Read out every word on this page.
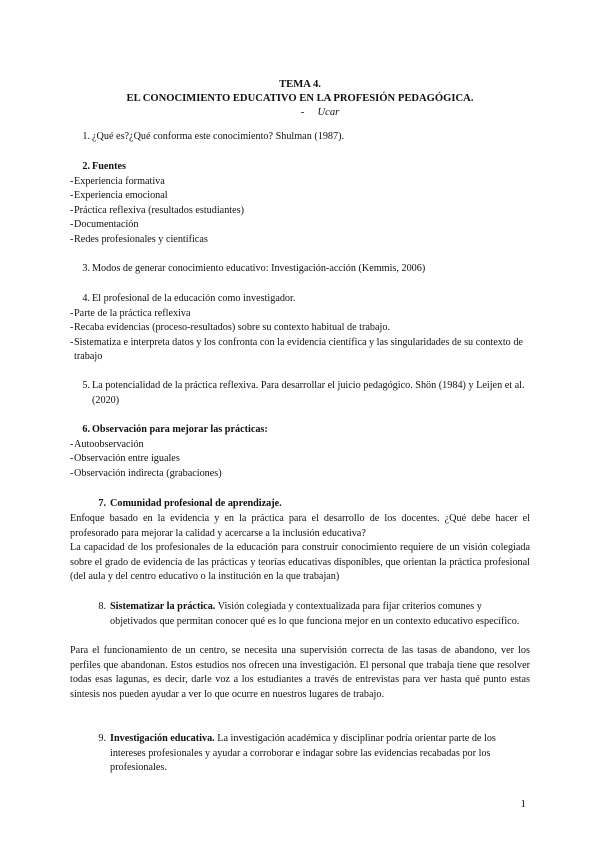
TEMA 4.
EL CONOCIMIENTO EDUCATIVO EN LA PROFESIÓN PEDAGÓGICA.
- Ucar
1. ¿Qué es?¿Qué conforma este conocimiento? Shulman (1987).
2. Fuentes
- Experiencia formativa
- Experiencia emocional
- Práctica reflexiva (resultados estudiantes)
- Documentación
- Redes profesionales y científicas
3. Modos de generar conocimiento educativo: Investigación-acción (Kemmis, 2006)
4. El profesional de la educación como investigador.
- Parte de la práctica reflexiva
- Recaba evidencias (proceso-resultados) sobre su contexto habitual de trabajo.
- Sistematiza e interpreta datos y los confronta con la evidencia científica y las singularidades de su contexto de trabajo
5. La potencialidad de la práctica reflexiva. Para desarrollar el juicio pedagógico. Shön (1984) y Leijen et al. (2020)
6. Observación para mejorar las prácticas:
- Autoobservación
- Observación entre iguales
- Observación indirecta (grabaciones)
7. Comunidad profesional de aprendizaje.
Enfoque basado en la evidencia y en la práctica para el desarrollo de los docentes. ¿Qué debe hacer el profesorado para mejorar la calidad y acercarse a la inclusión educativa?
La capacidad de los profesionales de la educación para construir conocimiento requiere de un visión colegiada sobre el grado de evidencia de las prácticas y teorías educativas disponibles, que orientan la práctica profesional (del aula y del centro educativo o la institución en la que trabajan)
8. Sistematizar la práctica. Visión colegiada y contextualizada para fijar criterios comunes y objetivados que permitan conocer qué es lo que funciona mejor en un contexto educativo específico.
Para el funcionamiento de un centro, se necesita una supervisión correcta de las tasas de abandono, ver los perfiles que abandonan. Estos estudios nos ofrecen una investigación. El personal que trabaja tiene que resolver todas esas lagunas, es decir, darle voz a los estudiantes a través de entrevistas para ver hasta qué punto estas síntesis nos pueden ayudar a ver lo que ocurre en nuestros lugares de trabajo.
9. Investigación educativa. La investigación académica y disciplinar podría orientar parte de los intereses profesionales y ayudar a corroborar e indagar sobre las evidencias recabadas por los profesionales.
1
